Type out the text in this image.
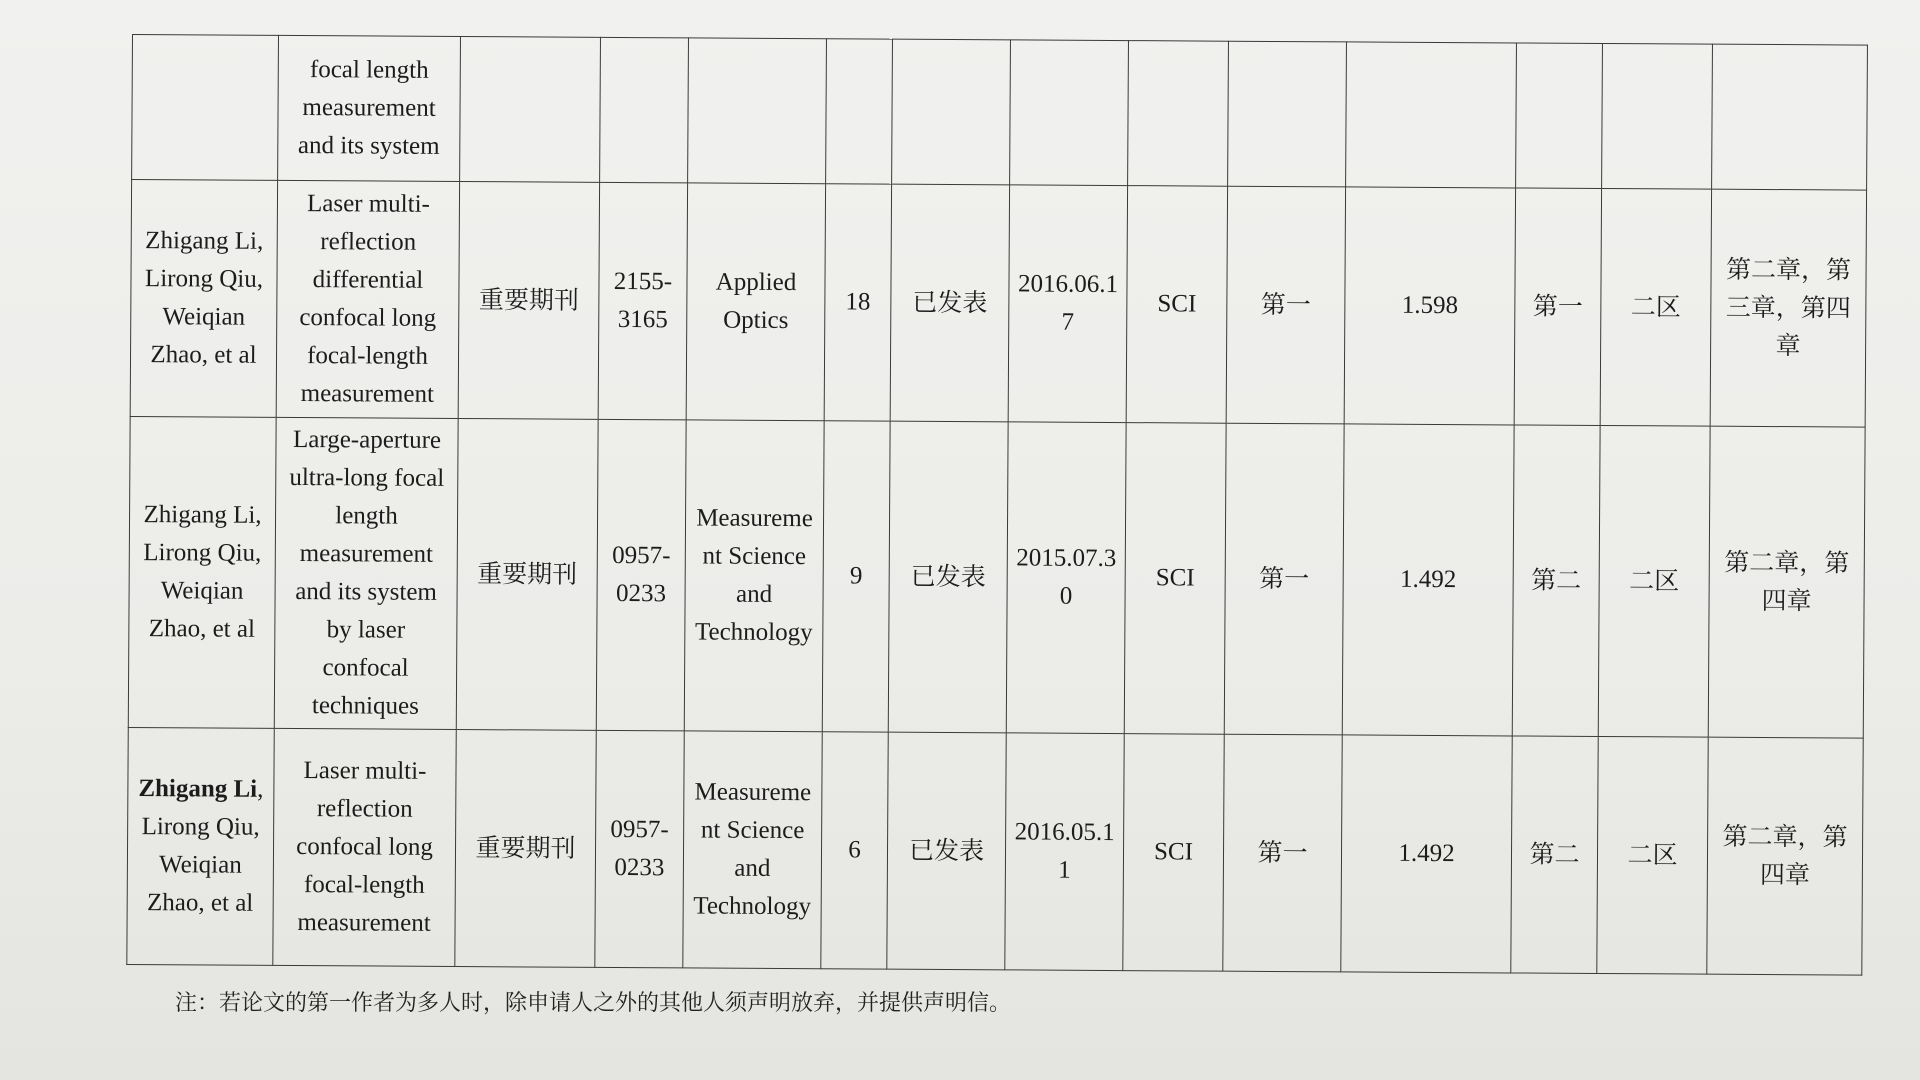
	focal length measurement and its system												
Zhigang Li, Lirong Qiu, Weiqian Zhao, et al	Laser multi-reflection differential confocal long focal-length measurement	重要期刊	2155-3165	Applied Optics	18	已发表	2016.06.17	SCI	第一	1.598	第一	二区	第二章，第三章，第四章
Zhigang Li, Lirong Qiu, Weiqian Zhao, et al	Large-aperture ultra-long focal length measurement and its system by laser confocal techniques	重要期刊	0957-0233	Measurement Science and Technology	9	已发表	2015.07.30	SCI	第一	1.492	第二	二区	第二章，第四章
Zhigang Li, Lirong Qiu, Weiqian Zhao, et al	Laser multi-reflection confocal long focal-length measurement	重要期刊	0957-0233	Measurement Science and Technology	6	已发表	2016.05.11	SCI	第一	1.492	第二	二区	第二章，第四章
注：若论文的第一作者为多人时，除申请人之外的其他人须声明放弃，并提供声明信。
